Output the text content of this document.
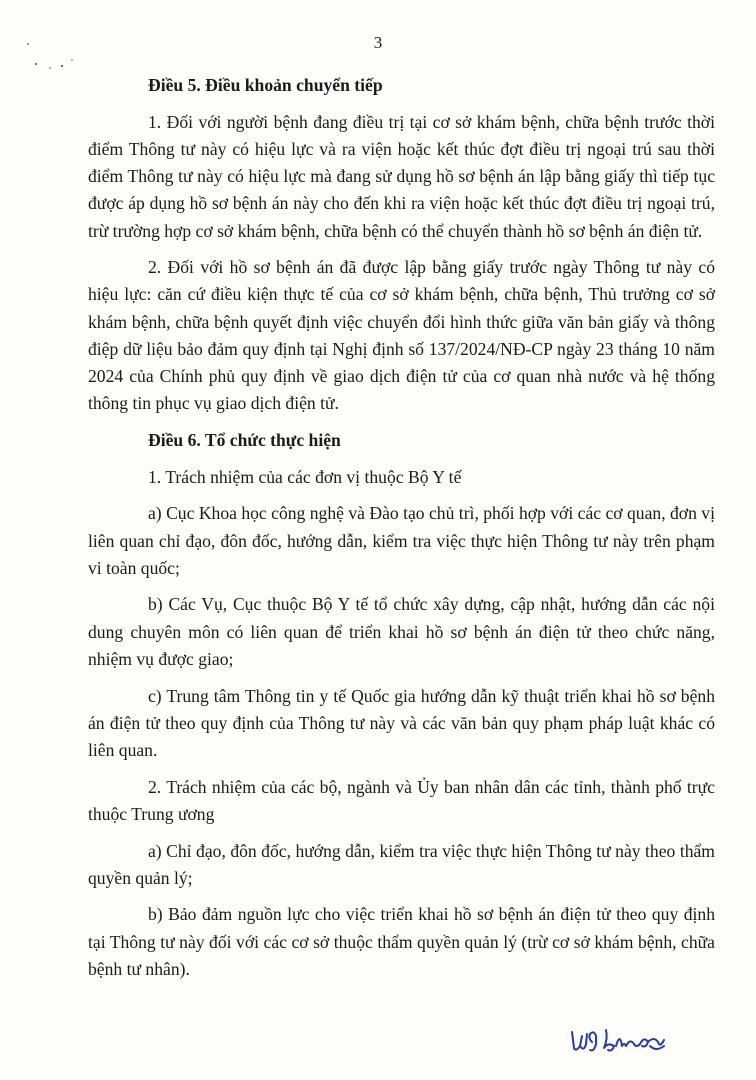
3

Điều 5. Điều khoản chuyển tiếp

1. Đối với người bệnh đang điều trị tại cơ sở khám bệnh, chữa bệnh trước thời điểm Thông tư này có hiệu lực và ra viện hoặc kết thúc đợt điều trị ngoại trú sau thời điểm Thông tư này có hiệu lực mà đang sử dụng hồ sơ bệnh án lập bằng giấy thì tiếp tục được áp dụng hồ sơ bệnh án này cho đến khi ra viện hoặc kết thúc đợt điều trị ngoại trú, trừ trường hợp cơ sở khám bệnh, chữa bệnh có thể chuyển thành hồ sơ bệnh án điện tử.

2. Đối với hồ sơ bệnh án đã được lập bằng giấy trước ngày Thông tư này có hiệu lực: căn cứ điều kiện thực tế của cơ sở khám bệnh, chữa bệnh, Thủ trưởng cơ sở khám bệnh, chữa bệnh quyết định việc chuyển đổi hình thức giữa văn bản giấy và thông điệp dữ liệu bảo đảm quy định tại Nghị định số 137/2024/NĐ-CP ngày 23 tháng 10 năm 2024 của Chính phủ quy định về giao dịch điện tử của cơ quan nhà nước và hệ thống thông tin phục vụ giao dịch điện tử.

Điều 6. Tổ chức thực hiện

1. Trách nhiệm của các đơn vị thuộc Bộ Y tế

a) Cục Khoa học công nghệ và Đào tạo chủ trì, phối hợp với các cơ quan, đơn vị liên quan chỉ đạo, đôn đốc, hướng dẫn, kiểm tra việc thực hiện Thông tư này trên phạm vi toàn quốc;

b) Các Vụ, Cục thuộc Bộ Y tế tổ chức xây dựng, cập nhật, hướng dẫn các nội dung chuyên môn có liên quan để triển khai hồ sơ bệnh án điện tử theo chức năng, nhiệm vụ được giao;

c) Trung tâm Thông tin y tế Quốc gia hướng dẫn kỹ thuật triển khai hồ sơ bệnh án điện tử theo quy định của Thông tư này và các văn bản quy phạm pháp luật khác có liên quan.

2. Trách nhiệm của các bộ, ngành và Ủy ban nhân dân các tỉnh, thành phố trực thuộc Trung ương

a) Chỉ đạo, đôn đốc, hướng dẫn, kiểm tra việc thực hiện Thông tư này theo thẩm quyền quản lý;

b) Bảo đảm nguồn lực cho việc triển khai hồ sơ bệnh án điện tử theo quy định tại Thông tư này đối với các cơ sở thuộc thẩm quyền quản lý (trừ cơ sở khám bệnh, chữa bệnh tư nhân).
